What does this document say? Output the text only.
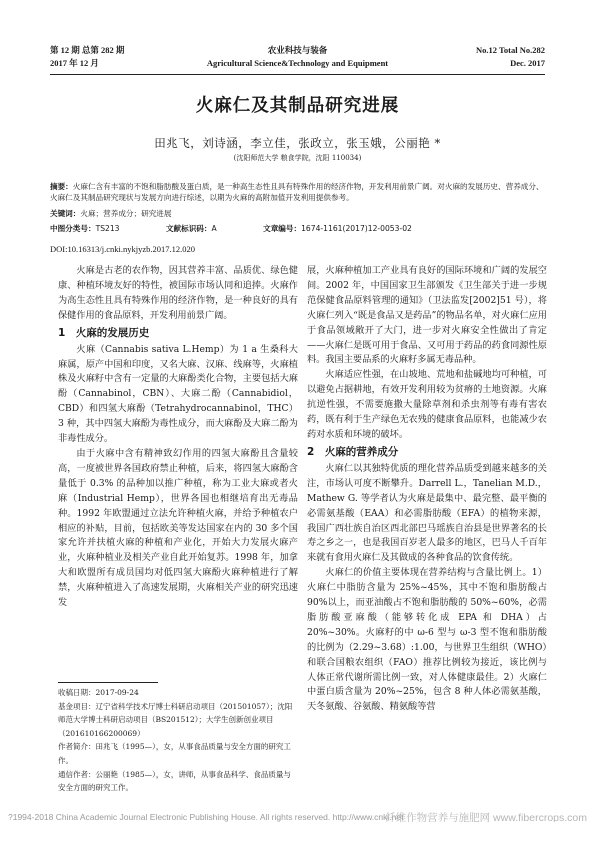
第 12 期 总第 282 期
2017 年 12 月
农业科技与装备
Agricultural Science&Technology and Equipment
No.12 Total No.282
Dec. 2017
火麻仁及其制品研究进展
田兆飞，刘诗涵，李立佳，张政立，张玉娥，公丽艳 *
(沈阳师范大学 粮食学院，沈阳 110034)
摘要：火麻仁含有丰富的不饱和脂肪酸及蛋白质，是一种高生态性且具有特殊作用的经济作物，开发利用前景广阔。对火麻的发展历史、营养成分、火麻仁及其制品研究现状与发展方向进行综述，以期为火麻的高附加值开发利用提供参考。
关键词：火麻；营养成分；研究进展
中图分类号：TS213	文献标识码：A	文章编号：1674-1161(2017)12-0053-02
DOI:10.16313/j.cnki.nykjyzb.2017.12.020

火麻是古老的农作物，因其营养丰富、品质优、绿色健康、种植环境友好的特性，被国际市场认同和追捧。火麻作为高生态性且具有特殊作用的经济作物，是一种良好的具有保健作用的食品原料，开发利用前景广阔。

1　火麻的发展历史

火麻（Cannabis sativa L.Hemp）为 1 a 生桑科大麻属，原产中国和印度，又名大麻、汉麻、线麻等，火麻植株及火麻籽中含有一定量的大麻酚类化合物，主要包括大麻酚（Cannabinol，CBN）、大麻二酚（Cannabidiol，CBD）和四氢大麻酚（Tetrahydrocannabinol，THC）3 种，其中四氢大麻酚为毒性成分，而大麻酚及大麻二酚为非毒性成分。

由于火麻中含有精神致幻作用的四氢大麻酚且含量较高，一度被世界各国政府禁止种植，后来，将四氢大麻酚含量低于 0.3% 的品种加以推广种植，称为工业大麻或者火麻（Industrial Hemp），世界各国也相继培育出无毒品种。1992 年欧盟通过立法允许种植火麻，并给予种植农户相应的补贴，目前，包括欧美等发达国家在内的 30 多个国家允许并扶植火麻的种植和产业化，开始大力发展火麻产业，火麻种植业及相关产业自此开始复苏。1998 年，加拿大和欧盟所有成员国均对低四氢大麻酚火麻种植进行了解禁，火麻种植进入了高速发展期，火麻相关产业的研究迅速发

收稿日期：2017-09-24
基金项目：辽宁省科学技术厅博士科研启动项目（201501057）；沈阳师范大学博士科研启动项目（BS201512）；大学生创新创业项目（201610166200069）
作者简介：田兆飞（1995—），女，从事食品质量与安全方面的研究工作。
通信作者：公丽艳（1985—），女，讲师，从事食品科学、食品质量与安全方面的研究工作。

展，火麻种植加工产业具有良好的国际环境和广阔的发展空间。2002 年，中国国家卫生部颁发《卫生部关于进一步规范保健食品原料管理的通知》（卫法监发[2002]51 号），将火麻仁列入“既是食品又是药品”的物品名单，对火麻仁应用于食品领域敞开了大门，进一步对火麻安全性做出了肯定——火麻仁是既可用于食品、又可用于药品的药食同源性原料。我国主要品系的火麻籽多属无毒品种。

火麻适应性强，在山坡地、荒地和盐碱地均可种植，可以避免占据耕地，有效开发利用较为贫瘠的土地资源。火麻抗逆性强，不需要施撒大量除草剂和杀虫剂等有毒有害农药，既有利于生产绿色无农残的健康食品原料，也能减少农药对水质和环境的破坏。

2　火麻的营养成分

火麻仁以其独特优质的理化营养品质受到越来越多的关注，市场认可度不断攀升。Darrell L.，Tanelian M.D.，Mathew G. 等学者认为火麻是最集中、最完整、最平衡的必需氨基酸（EAA）和必需脂肪酸（EFA）的植物来源，我国广西壮族自治区西北部巴马瑶族自治县是世界著名的长寿之乡之一，也是我国百岁老人最多的地区，巴马人千百年来就有食用火麻仁及其做成的各种食品的饮食传统。

火麻仁的价值主要体现在营养结构与含量比例上。1）火麻仁中脂肪含量为 25%~45%，其中不饱和脂肪酸占 90%以上，而亚油酸占不饱和脂肪酸的 50%~60%，必需脂肪酸亚麻酸（能够转化成 EPA 和 DHA）占 20%~30%。火麻籽的中 ω-6 型与 ω-3 型不饱和脂肪酸的比例为（2.29~3.68）:1.00，与世界卫生组织（WHO）和联合国粮农组织（FAO）推荐比例较为接近，该比例与人体正常代谢所需比例一致，对人体健康最佳。2）火麻仁中蛋白质含量为 20%~25%，包含 8 种人体必需氨基酸，天冬氨酸、谷氨酸、精氨酸等营

?1994-2018 China Academic Journal Electronic Publishing House. All rights reserved. http://www.cnki.net
纤维作物营养与施肥网 www.fibercrops.com
